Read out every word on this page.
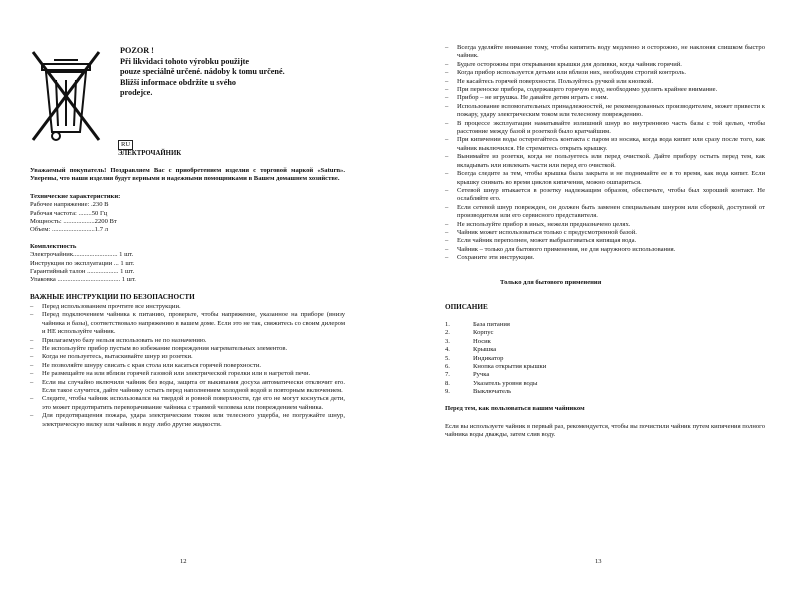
POZOR !
Při likvidaci tohoto výrobku použijte
pouze speciálně určené. nádoby k tomu určené.
Bližší informace obdržíte u svého
prodejce.
RU

ЭЛЕКТРОЧАЙНИК

Уважаемый покупатель! Поздравляем Вас с приобретением изделия с торговой маркой «Saturn». Уверены, что наши изделия будут верными и надежными помощниками в Вашем домашнем хозяйстве.

Технические характеристики:

Рабочее напряжение: .230 В
Рабочая частота: ........50 Гц
Мощность: ...................2200 Вт
Объем: ..........................1.7 л

Комплектность

Электрочайник........................... 1 шт.
Инструкция по эксплуатации ... 1 шт.
Гарантийный талон ................... 1 шт.
Упаковка ...................................... 1 шт.

ВАЖНЫЕ ИНСТРУКЦИИ ПО БЕЗОПАСНОСТИ

– Перед использованием прочтите все инструкции.
– Перед подключением чайника к питанию, проверьте, чтобы напряжение, указанное на приборе (внизу чайника и базы), соответствовало напряжению в вашем доме. Если это не так, свяжитесь со своим дилером и НЕ используйте чайник.
– Прилагаемую базу нельзя использовать не по назначению.
– Не используйте прибор пустым во избежание повреждения нагревательных элементов.
– Когда не пользуетесь, вытаскивайте шнур из розетки.
– Не позволяйте шнуру свисать с края стола или касаться горячей поверхности.
– Не размещайте на или вблизи горячей газовой или электрической горелки или в нагретой печи.
– Если вы случайно включили чайник без воды, защита от выкипания досуха автоматически отключит его. Если такое случится, дайте чайнику остыть перед наполнением холодной водой и повторным включением.
– Следите, чтобы чайник использовался на твердой и ровной поверхности, где его не могут коснуться дети, это может предотвратить переворачивание чайника с травмой человека или повреждением чайника.
– Для предотвращения пожара, удара электрическим током или телесного ущерба, не погружайте шнур, электрическую вилку или чайник в воду либо другие жидкости.
12
– Всегда уделяйте внимание тому, чтобы кипятить воду медленно и осторожно, не наклоняя слишком быстро чайник.
– Будьте осторожны при открывании крышки для доливки, когда чайник горячий.
– Когда прибор используется детьми или вблизи них, необходим строгий контроль.
– Не касайтесь горячей поверхности. Пользуйтесь ручкой или кнопкой.
– При переноске прибора, содержащего горячую воду, необходимо уделять крайнее внимание.
– Прибор – не игрушка. Не давайте детям играть с ним.
– Использование вспомогательных принадлежностей, не рекомендованных производителем, может привести к пожару, удару электрическим током или телесному повреждению.
– В процессе эксплуатации наматывайте излишний шнур во внутреннюю часть базы с той целью, чтобы расстояние между базой и розеткой было кратчайшим.
– При кипячении воды остерегайтесь контакта с паром из носика, когда вода кипит или сразу после того, как чайник выключился. Не стремитесь открыть крышку.
– Вынимайте из розетки, когда не пользуетесь или перед очисткой. Дайте прибору остыть перед тем, как вкладывать или извлекать части или перед его очисткой.
– Всегда следите за тем, чтобы крышка была закрыта и не поднимайте ее в то время, как вода кипит. Если крышку снимать во время циклов кипячения, можно ошпариться.
– Сетевой шнур втыкается в розетку надлежащим образом, обеспечьте, чтобы был хороший контакт. Не ослабляйте его.
– Если сетевой шнур поврежден, он должен быть заменен специальным шнуром или сборкой, доступной от производителя или его сервисного представителя.
– Не используйте прибор в иных, нежели предназначено целях.
– Чайник может использоваться только с предусмотренной базой.
– Если чайник переполнен, может выбрызгиваться кипящая вода.
– Чайник – только для бытового применения, не для наружного использования.
– Сохраните эти инструкции.

Только для бытового применения

ОПИСАНИЕ

1.	База питания
2.	Корпус
3.	Носик
4.	Крышка
5.	Индикатор
6.	Кнопка открытия крышки
7.	Ручка
8.	Указатель уровня воды
9.	Выключатель

Перед тем, как пользоваться вашим чайником

Если вы используете чайник в первый раз, рекомендуется, чтобы вы почистили чайник путем кипячения полного чайника воды дважды, затем слив воду.

13
